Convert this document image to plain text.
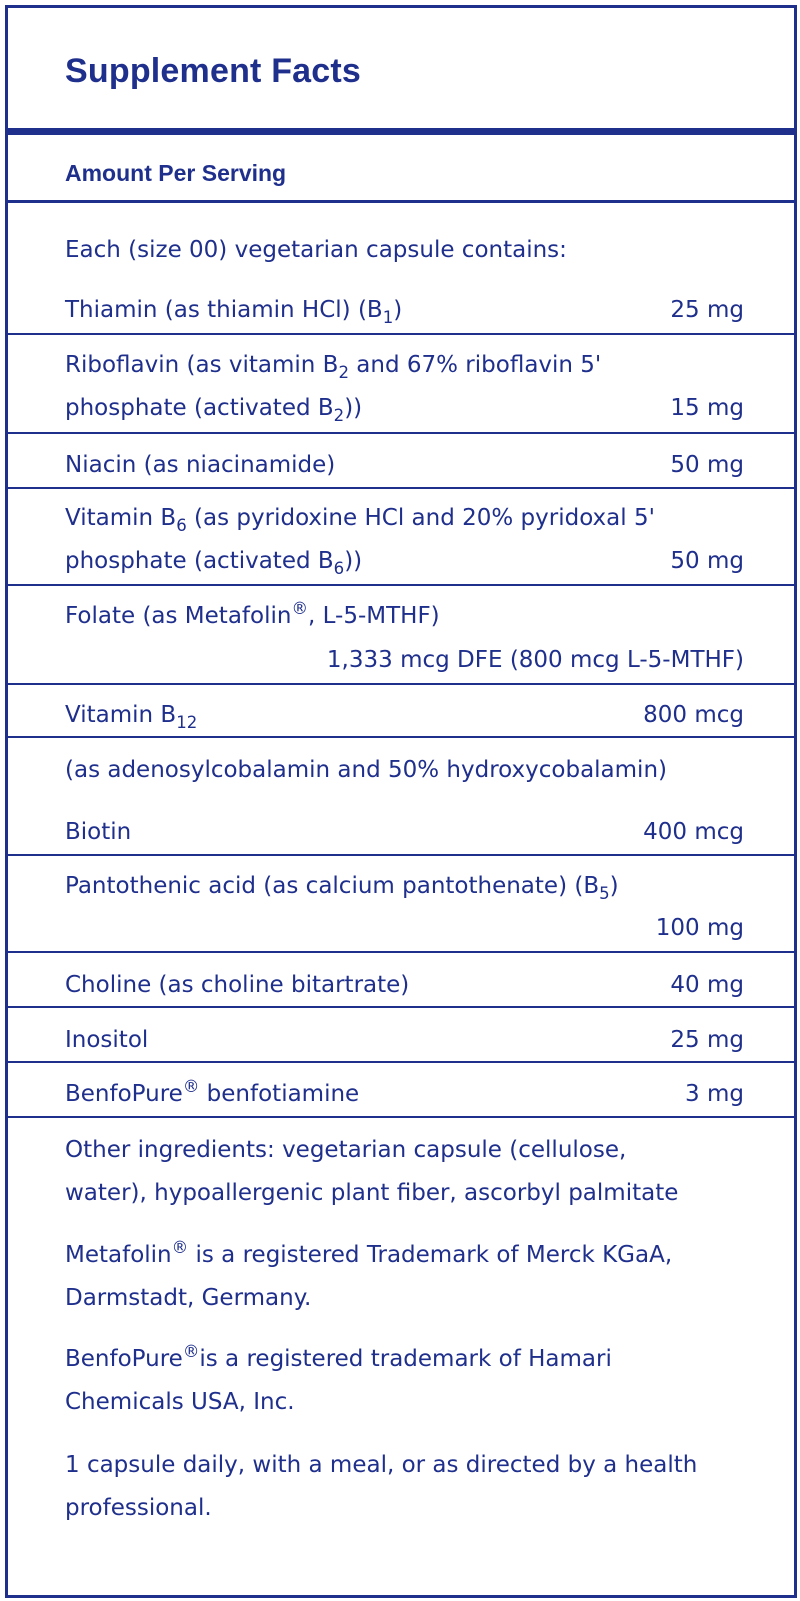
Supplement Facts
Amount Per Serving
Each (size 00) vegetarian capsule contains:
Thiamin (as thiamin HCl) $(B_1)$	25 mg
Riboflavin (as vitamin $B_2$ and 67% riboflavin 5'
phosphate (activated $B_2$))	15 mg
Niacin (as niacinamide)	50 mg
Vitamin $B_6$ (as pyridoxine HCl and 20% pyridoxal 5'
phosphate (activated $B_6$))	50 mg
Folate (as Metafolin®, L-5-MTHF)
1,333 mcg DFE (800 mcg L-5-MTHF)
Vitamin $B_{12}$	800 mcg
(as adenosylcobalamin and 50% hydroxycobalamin)
Biotin	400 mcg
Pantothenic acid (as calcium pantothenate) $(B_5)$
100 mg
Choline (as choline bitartrate)	40 mg
Inositol	25 mg
BenfoPure® benfotiamine	3 mg
Other ingredients: vegetarian capsule (cellulose,
water), hypoallergenic plant fiber, ascorbyl palmitate
Metafolin® is a registered Trademark of Merck KGaA,
Darmstadt, Germany.
BenfoPure®is a registered trademark of Hamari
Chemicals USA, Inc.
1 capsule daily, with a meal, or as directed by a health
professional.
